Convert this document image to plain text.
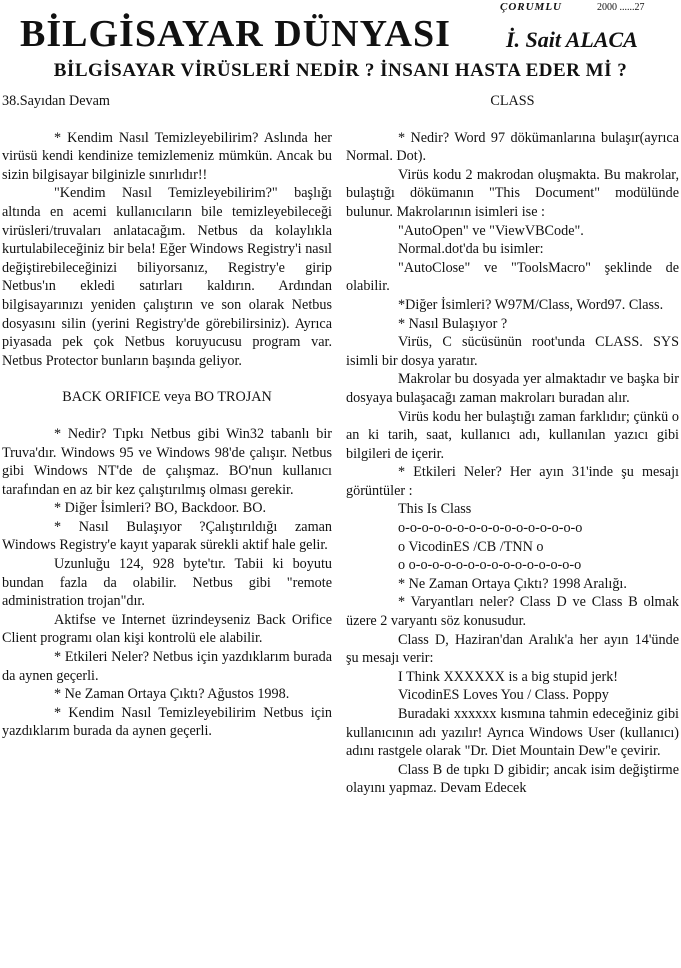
BİLGİSAYAR DÜNYASI
ÇORUMLU	2000 ......27
İ. Sait ALACA
BİLGİSAYAR VİRÜSLERİ NEDİR ? İNSANI HASTA EDER Mİ ?

38.Sayıdan Devam

* Kendim Nasıl Temizleyebilirim? Aslında her virüsü kendi kendinize temizlemeniz mümkün. Ancak bu sizin bilgisayar bilginizle sınırlıdır!!

"Kendim Nasıl Temizleyebilirim?" başlığı altında en acemi kullanıcıların bile temizleyebileceği virüsleri/truvaları anlatacağım. Netbus da kolaylıkla kurtulabileceğiniz bir bela! Eğer Windows Registry'i nasıl değiştirebileceğinizi biliyorsanız, Registry'e girip Netbus'ın ekledi satırları kaldırın. Ardından bilgisayarınızı yeniden çalıştırın ve son olarak Netbus dosyasını silin (yerini Registry'de görebilirsiniz). Ayrıca piyasada pek çok Netbus koruyucusu program var. Netbus Protector bunların başında geliyor.

BACK ORIFICE veya BO TROJAN

* Nedir? Tıpkı Netbus gibi Win32 tabanlı bir Truva'dır. Windows 95 ve Windows 98'de çalışır. Netbus gibi Windows NT'de de çalışmaz. BO'nun kullanıcı tarafından en az bir kez çalıştırılmış olması gerekir.

* Diğer İsimleri? BO, Backdoor. BO.

* Nasıl Bulaşıyor ?Çalıştırıldığı zaman Windows Registry'e kayıt yaparak sürekli aktif hale gelir.

Uzunluğu 124, 928 byte'tır. Tabii ki boyutu bundan fazla da olabilir. Netbus gibi "remote administration trojan"dır.

Aktifse ve Internet üzrindeyseniz Back Orifice Client programı olan kişi kontrolü ele alabilir.

* Etkileri Neler? Netbus için yazdıklarım burada da aynen geçerli.

* Ne Zaman Ortaya Çıktı? Ağustos 1998.

* Kendim Nasıl Temizleyebilirim Netbus için yazdıklarım burada da aynen geçerli.

CLASS

* Nedir? Word 97 dökümanlarına bulaşır(ayrıca Normal. Dot).

Virüs kodu 2 makrodan oluşmakta. Bu makrolar, bulaştığı dökümanın "This Document" modülünde bulunur. Makrolarının isimleri ise :

"AutoOpen" ve "ViewVBCode".

Normal.dot'da bu isimler:

"AutoClose" ve "ToolsMacro" şeklinde de olabilir.

*Diğer İsimleri? W97M/Class, Word97. Class.

* Nasıl Bulaşıyor ?

Virüs, C sücüsünün root'unda CLASS. SYS isimli bir dosya yaratır.

Makrolar bu dosyada yer almaktadır ve başka bir dosyaya bulaşacağı zaman makroları buradan alır.

Virüs kodu her bulaştığı zaman farklıdır; çünkü o an ki tarih, saat, kullanıcı adı, kullanılan yazıcı gibi bilgileri de içerir.

* Etkileri Neler? Her ayın 31'inde şu mesajı görüntüler :

This Is Class

o-o-o-o-o-o-o-o-o-o-o-o-o-o-o-o

o VicodinES /CB /TNN o

o o-o-o-o-o-o-o-o-o-o-o-o-o-o-o

* Ne Zaman Ortaya Çıktı? 1998 Aralığı.

* Varyantları neler? Class D ve Class B olmak üzere 2 varyantı söz konusudur.

Class D, Haziran'dan Aralık'a her ayın 14'ünde şu mesajı verir:

I Think XXXXXX is a big stupid jerk!

VicodinES Loves You / Class. Poppy

Buradaki xxxxxx kısmına tahmin edeceğiniz gibi kullanıcının adı yazılır! Ayrıca Windows User (kullanıcı) adını rastgele olarak "Dr. Diet Mountain Dew"e çevirir.

Class B de tıpkı D gibidir; ancak isim değiştirme olayını yapmaz. Devam Edecek
